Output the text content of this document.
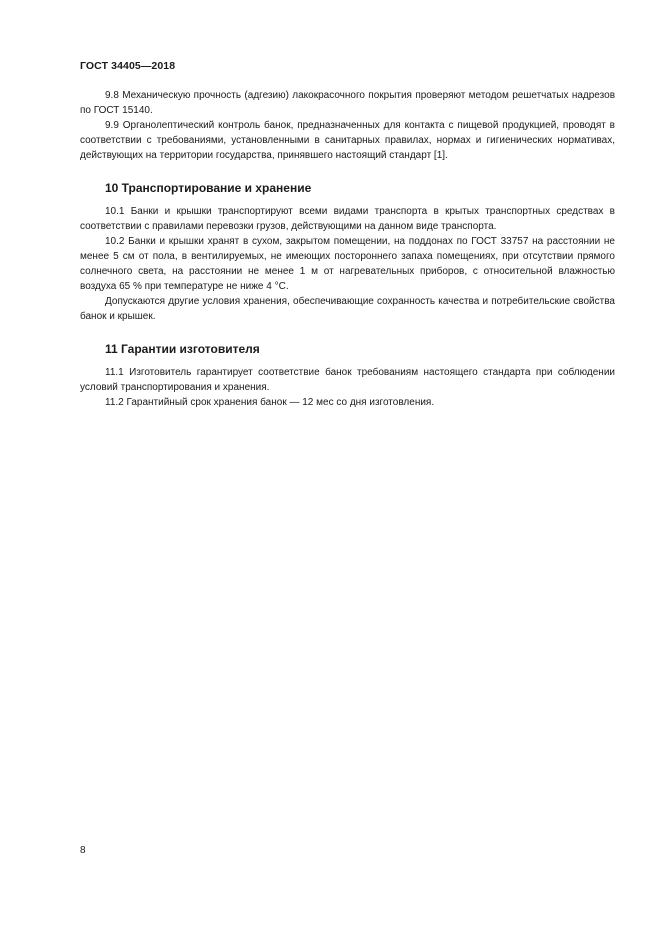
ГОСТ 34405—2018

9.8 Механическую прочность (адгезию) лакокрасочного покрытия проверяют методом решетчатых надрезов по ГОСТ 15140.

9.9 Органолептический контроль банок, предназначенных для контакта с пищевой продукцией, проводят в соответствии с требованиями, установленными в санитарных правилах, нормах и гигиенических нормативах, действующих на территории государства, принявшего настоящий стандарт [1].

10 Транспортирование и хранение

10.1 Банки и крышки транспортируют всеми видами транспорта в крытых транспортных средствах в соответствии с правилами перевозки грузов, действующими на данном виде транспорта.

10.2 Банки и крышки хранят в сухом, закрытом помещении, на поддонах по ГОСТ 33757 на расстоянии не менее 5 см от пола, в вентилируемых, не имеющих постороннего запаха помещениях, при отсутствии прямого солнечного света, на расстоянии не менее 1 м от нагревательных приборов, с относительной влажностью воздуха 65 % при температуре не ниже 4 °C.

Допускаются другие условия хранения, обеспечивающие сохранность качества и потребительские свойства банок и крышек.

11 Гарантии изготовителя

11.1 Изготовитель гарантирует соответствие банок требованиям настоящего стандарта при соблюдении условий транспортирования и хранения.

11.2 Гарантийный срок хранения банок — 12 мес со дня изготовления.

8
